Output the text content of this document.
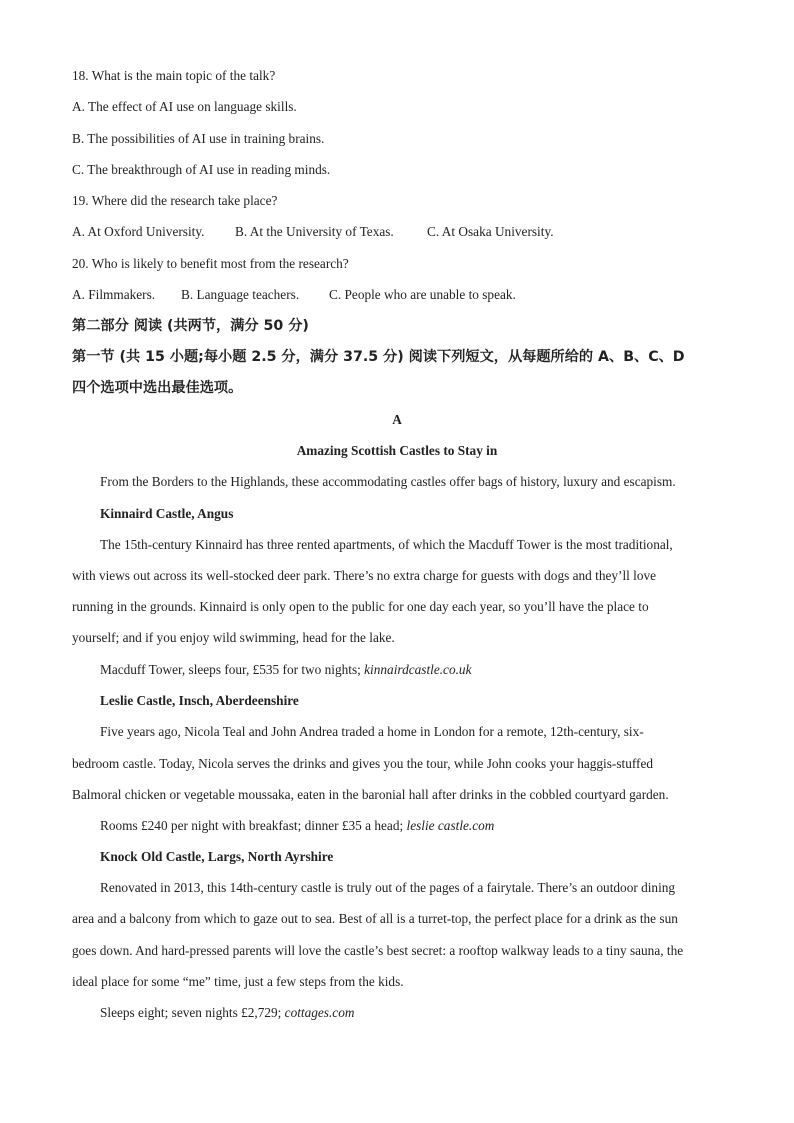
18. What is the main topic of the talk?
A. The effect of AI use on language skills.
B. The possibilities of AI use in training brains.
C. The breakthrough of AI use in reading minds.
19. Where did the research take place?
A. At Oxford University. B. At the University of Texas.	C. At Osaka University.
20. Who is likely to benefit most from the research?
A. Filmmakers. B. Language teachers. C. People who are unable to speak.
第二部分 阅读 (共两节，满分 50 分)
第一节 (共 15 小题;每小题 2.5 分，满分 37.5 分) 阅读下列短文，从每题所给的 A、B、C、D
四个选项中选出最佳选项。
A
Amazing Scottish Castles to Stay in
From the Borders to the Highlands, these accommodating castles offer bags of history, luxury and escapism.
Kinnaird Castle, Angus
The 15th-century Kinnaird has three rented apartments, of which the Macduff Tower is the most traditional,
with views out across its well-stocked deer park. There’s no extra charge for guests with dogs and they’ll love
running in the grounds. Kinnaird is only open to the public for one day each year, so you’ll have the place to
yourself; and if you enjoy wild swimming, head for the lake.
Macduff Tower, sleeps four, £535 for two nights; kinnairdcastle.co.uk
Leslie Castle, Insch, Aberdeenshire
Five years ago, Nicola Teal and John Andrea traded a home in London for a remote, 12th-century, six-
bedroom castle. Today, Nicola serves the drinks and gives you the tour, while John cooks your haggis-stuffed
Balmoral chicken or vegetable moussaka, eaten in the baronial hall after drinks in the cobbled courtyard garden.
Rooms £240 per night with breakfast; dinner £35 a head; leslie castle.com
Knock Old Castle, Largs, North Ayrshire
Renovated in 2013, this 14th-century castle is truly out of the pages of a fairytale. There’s an outdoor dining
area and a balcony from which to gaze out to sea. Best of all is a turret-top, the perfect place for a drink as the sun
goes down. And hard-pressed parents will love the castle’s best secret: a rooftop walkway leads to a tiny sauna, the
ideal place for some “me” time, just a few steps from the kids.
Sleeps eight; seven nights £2,729; cottages.com
